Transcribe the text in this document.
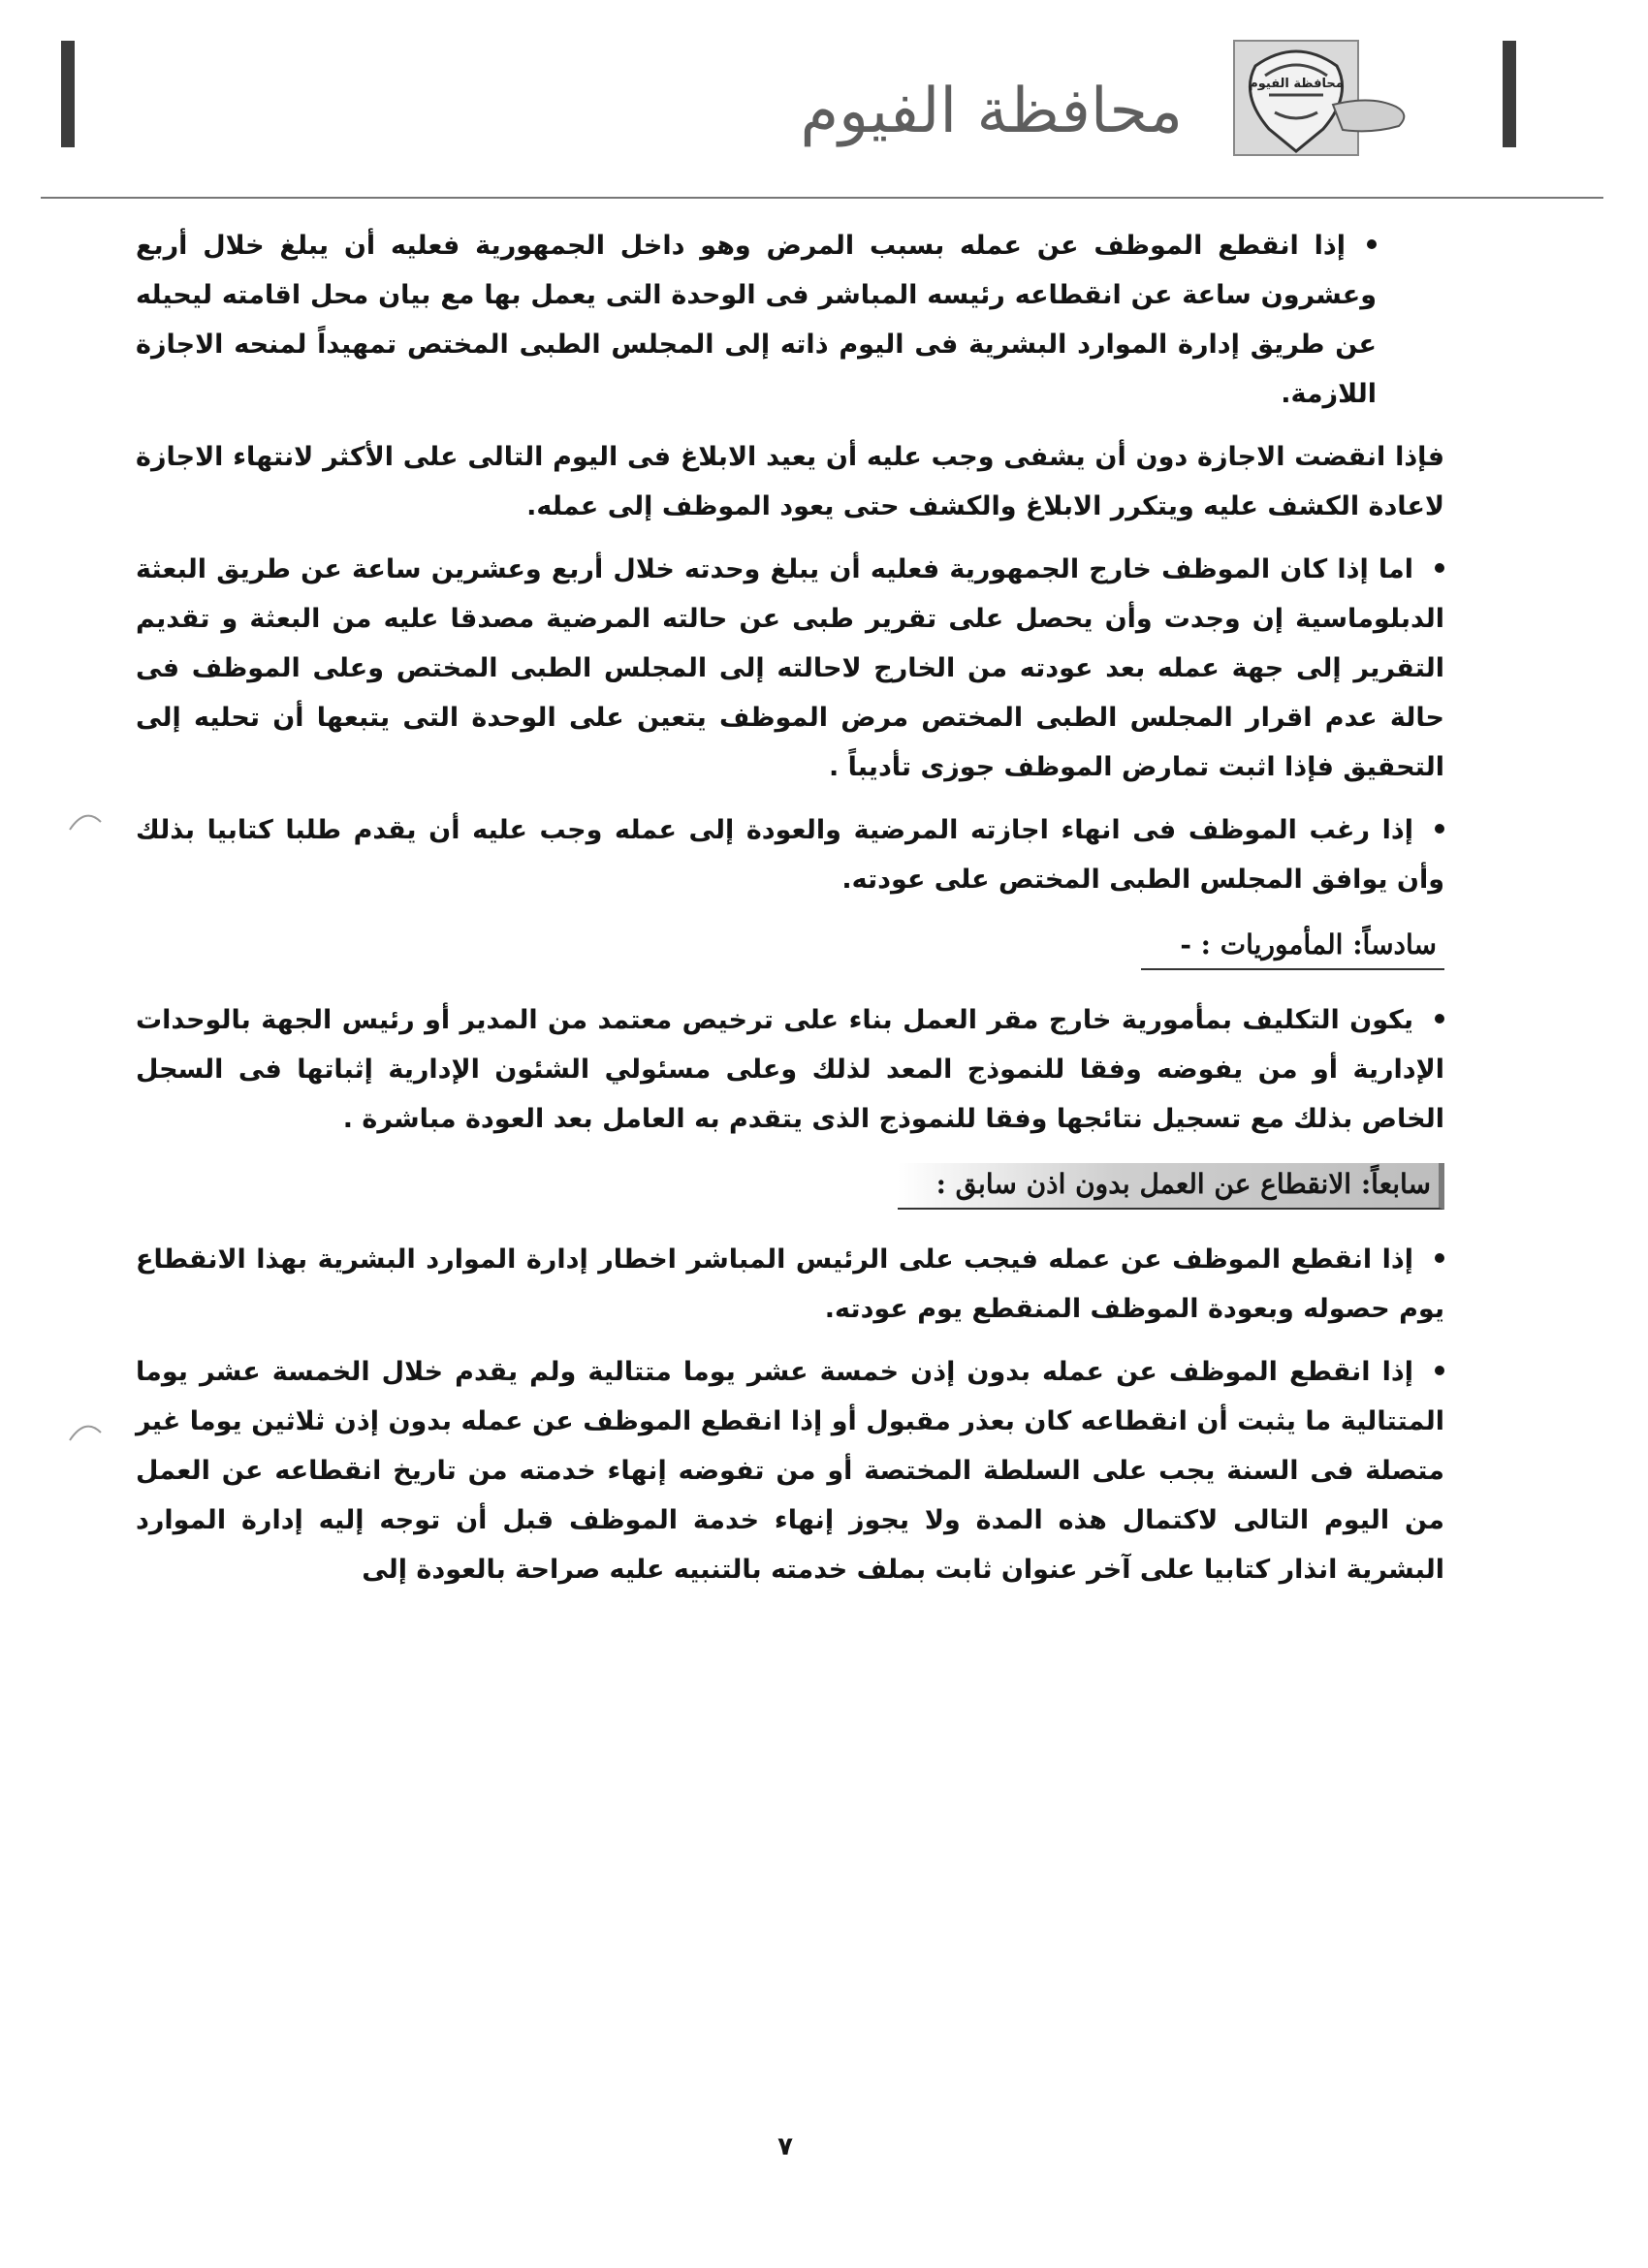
محافظة الفيوم	محافظة الفيوم

إذا انقطع الموظف عن عمله بسبب المرض وهو داخل الجمهورية فعليه أن يبلغ خلال أربع وعشرون ساعة عن انقطاعه رئيسه المباشر فى الوحدة التى يعمل بها مع بيان محل اقامته ليحيله عن طريق إدارة الموارد البشرية فى اليوم ذاته إلى المجلس الطبى المختص تمهيداً لمنحه الاجازة اللازمة.

فإذا انقضت الاجازة دون أن يشفى وجب عليه أن يعيد الابلاغ فى اليوم التالى على الأكثر لانتهاء الاجازة لاعادة الكشف عليه ويتكرر الابلاغ والكشف حتى يعود الموظف إلى عمله.

اما إذا كان الموظف خارج الجمهورية فعليه أن يبلغ وحدته خلال أربع وعشرين ساعة عن طريق البعثة الدبلوماسية إن وجدت وأن يحصل على تقرير طبى عن حالته المرضية مصدقا عليه من البعثة و تقديم التقرير إلى جهة عمله بعد عودته من الخارج لاحالته إلى المجلس الطبى المختص وعلى الموظف فى حالة عدم اقرار المجلس الطبى المختص مرض الموظف يتعين على الوحدة التى يتبعها أن تحليه إلى التحقيق فإذا اثبت تمارض الموظف جوزى تأديباً .

إذا رغب الموظف فى انهاء اجازته المرضية والعودة إلى عمله وجب عليه أن يقدم طلبا كتابيا بذلك وأن يوافق المجلس الطبى المختص على عودته.

سادساً: المأموريات : -

يكون التكليف بمأمورية خارج مقر العمل بناء على ترخيص معتمد من المدير أو رئيس الجهة بالوحدات الإدارية أو من يفوضه وفقا للنموذج المعد لذلك وعلى مسئولي الشئون الإدارية إثباتها فى السجل الخاص بذلك مع تسجيل نتائجها وفقا للنموذج الذى يتقدم به العامل بعد العودة مباشرة .

سابعاً: الانقطاع عن العمل بدون اذن سابق :

إذا انقطع الموظف عن عمله فيجب على الرئيس المباشر اخطار إدارة الموارد البشرية بهذا الانقطاع يوم حصوله وبعودة الموظف المنقطع يوم عودته.

إذا انقطع الموظف عن عمله بدون إذن خمسة عشر يوما متتالية ولم يقدم خلال الخمسة عشر يوما المتتالية ما يثبت أن انقطاعه كان بعذر مقبول أو إذا انقطع الموظف عن عمله بدون إذن ثلاثين يوما غير متصلة فى السنة يجب على السلطة المختصة أو من تفوضه إنهاء خدمته من تاريخ انقطاعه عن العمل من اليوم التالى لاكتمال هذه المدة ولا يجوز إنهاء خدمة الموظف قبل أن توجه إليه إدارة الموارد البشرية انذار كتابيا على آخر عنوان ثابت بملف خدمته بالتنبيه عليه صراحة بالعودة إلى

٧
